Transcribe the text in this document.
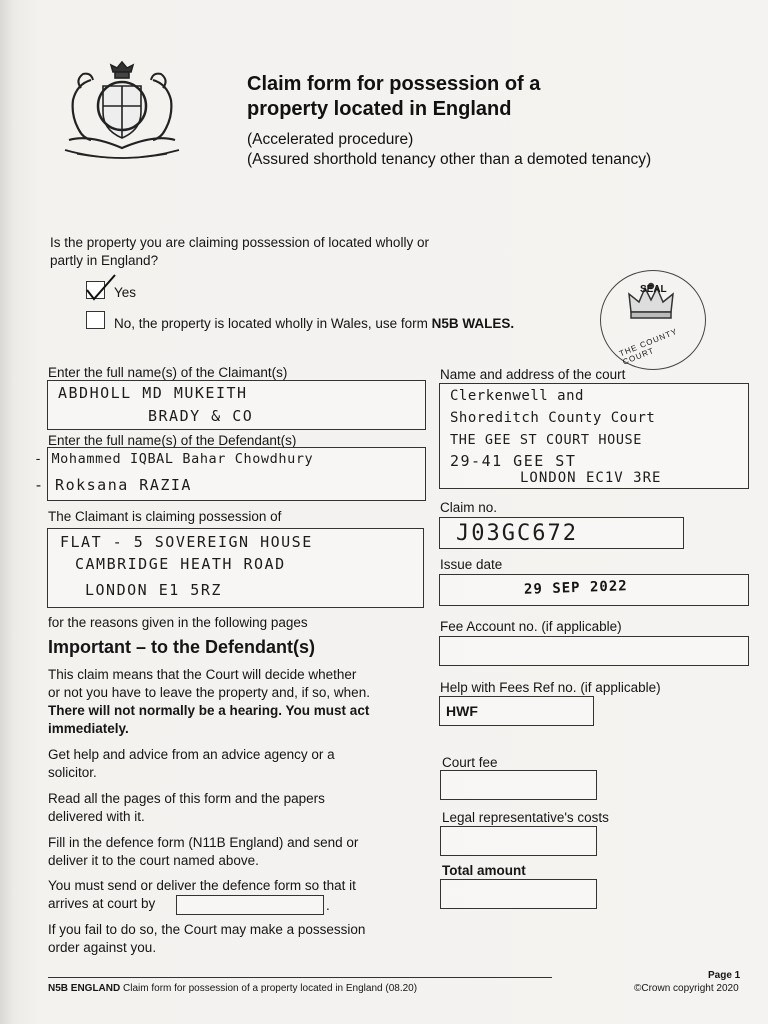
Claim form for possession of a
property located in England
(Accelerated procedure)
(Assured shorthold tenancy other than a demoted tenancy)
Is the property you are claiming possession of located wholly or
partly in England?
Yes
No, the property is located wholly in Wales, use form N5B WALES.
SEAL
THE COUNTY COURT
Enter the full name(s) of the Claimant(s)
ABDHOLL MD MUKEITH
BRADY & CO
Enter the full name(s) of the Defendant(s)
- Mohammed IQBAL Bahar Chowdhury
- Roksana RAZIA
The Claimant is claiming possession of
FLAT - 5 SOVEREIGN HOUSE
CAMBRIDGE HEATH ROAD
LONDON E1 5RZ
for the reasons given in the following pages
Important – to the Defendant(s)
This claim means that the Court will decide whether
or not you have to leave the property and, if so, when.
There will not normally be a hearing. You must act
immediately.
Get help and advice from an advice agency or a
solicitor.
Read all the pages of this form and the papers
delivered with it.
Fill in the defence form (N11B England) and send or
deliver it to the court named above.
You must send or deliver the defence form so that it
arrives at court by	.
If you fail to do so, the Court may make a possession
order against you.
Name and address of the court
Clerkenwell and
Shoreditch County Court
THE GEE ST COURT HOUSE
29-41 GEE ST
LONDON EC1V 3RE
Claim no.
J03GC672
Issue date
29 SEP 2022
Fee Account no. (if applicable)
Help with Fees Ref no. (if applicable)
HWF
Court fee
Legal representative's costs
Total amount
N5B ENGLAND Claim form for possession of a property located in England (08.20)
Page 1
©Crown copyright 2020
